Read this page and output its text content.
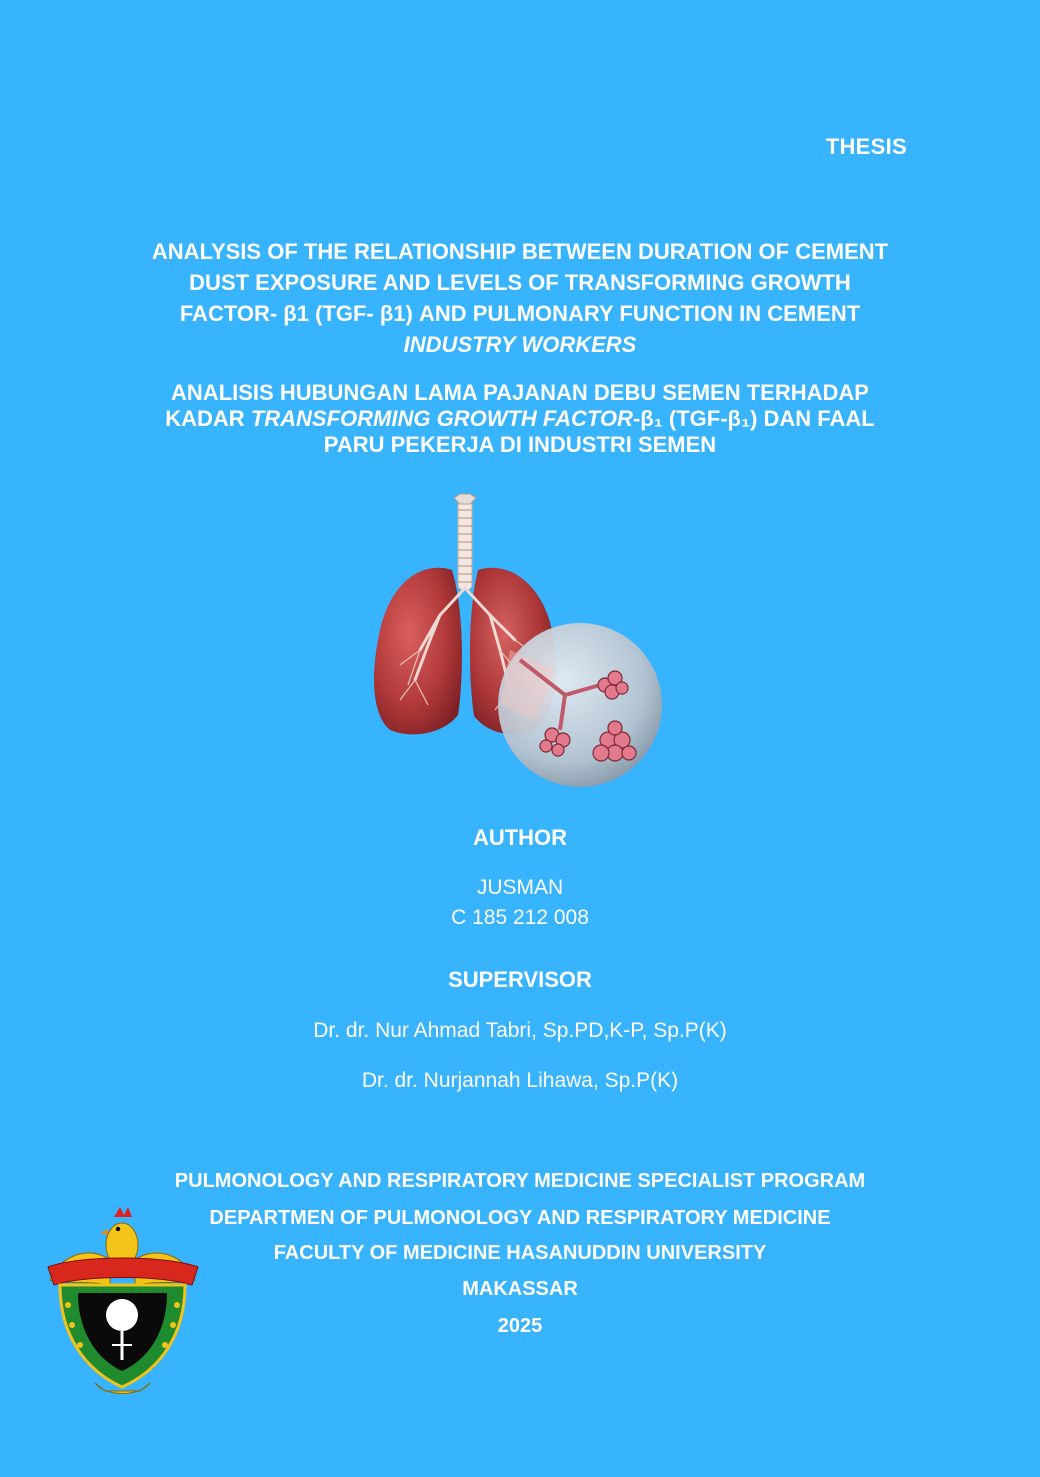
THESIS
ANALYSIS OF THE RELATIONSHIP BETWEEN DURATION OF CEMENT
DUST EXPOSURE AND LEVELS OF TRANSFORMING GROWTH
FACTOR- β1 (TGF- β1) AND PULMONARY FUNCTION IN CEMENT
INDUSTRY WORKERS
ANALISIS HUBUNGAN LAMA PAJANAN DEBU SEMEN TERHADAP
KADAR TRANSFORMING GROWTH FACTOR-β₁ (TGF-β₁) DAN FAAL
PARU PEKERJA DI INDUSTRI SEMEN
AUTHOR
JUSMAN
C 185 212 008
SUPERVISOR
Dr. dr. Nur Ahmad Tabri, Sp.PD,K-P, Sp.P(K)
Dr. dr. Nurjannah Lihawa, Sp.P(K)
PULMONOLOGY AND RESPIRATORY MEDICINE SPECIALIST PROGRAM
DEPARTMEN OF PULMONOLOGY AND RESPIRATORY MEDICINE
FACULTY OF MEDICINE HASANUDDIN UNIVERSITY
MAKASSAR
2025
